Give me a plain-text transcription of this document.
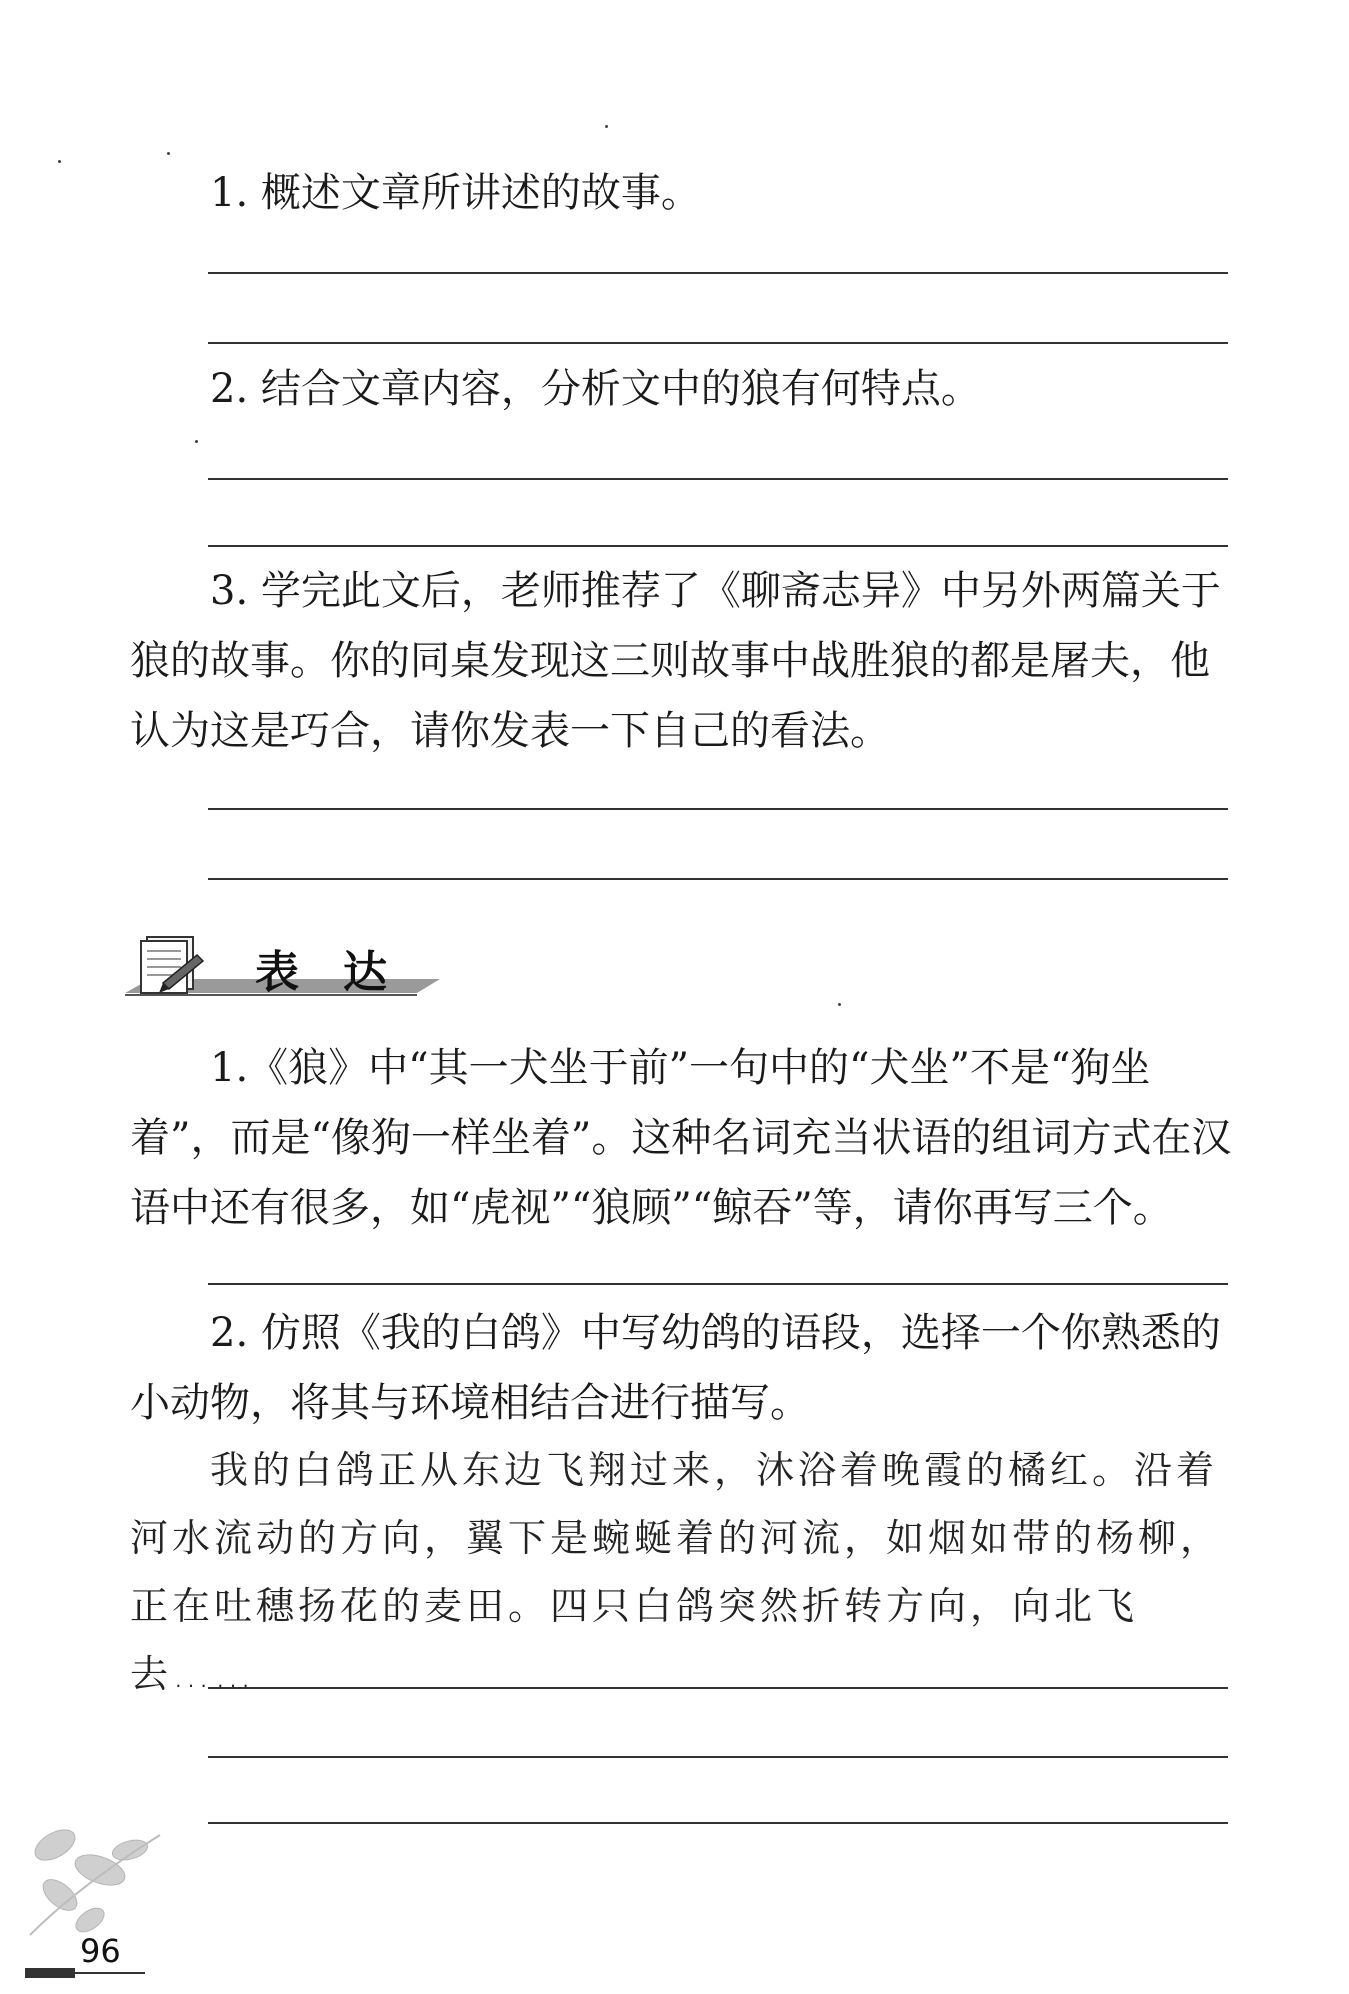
1. 概述文章所讲述的故事。

2. 结合文章内容，分析文中的狼有何特点。

3. 学完此文后，老师推荐了《聊斋志异》中另外两篇关于狼的故事。你的同桌发现这三则故事中战胜狼的都是屠夫，他认为这是巧合，请你发表一下自己的看法。

表达

1.《狼》中“其一犬坐于前”一句中的“犬坐”不是“狗坐着”，而是“像狗一样坐着”。这种名词充当状语的组词方式在汉语中还有很多，如“虎视”“狼顾”“鲸吞”等，请你再写三个。

2. 仿照《我的白鸽》中写幼鸽的语段，选择一个你熟悉的小动物，将其与环境相结合进行描写。

我的白鸽正从东边飞翔过来，沐浴着晚霞的橘红。沿着河水流动的方向，翼下是蜿蜒着的河流，如烟如带的杨柳，正在吐穗扬花的麦田。四只白鸽突然折转方向，向北飞去……

96
